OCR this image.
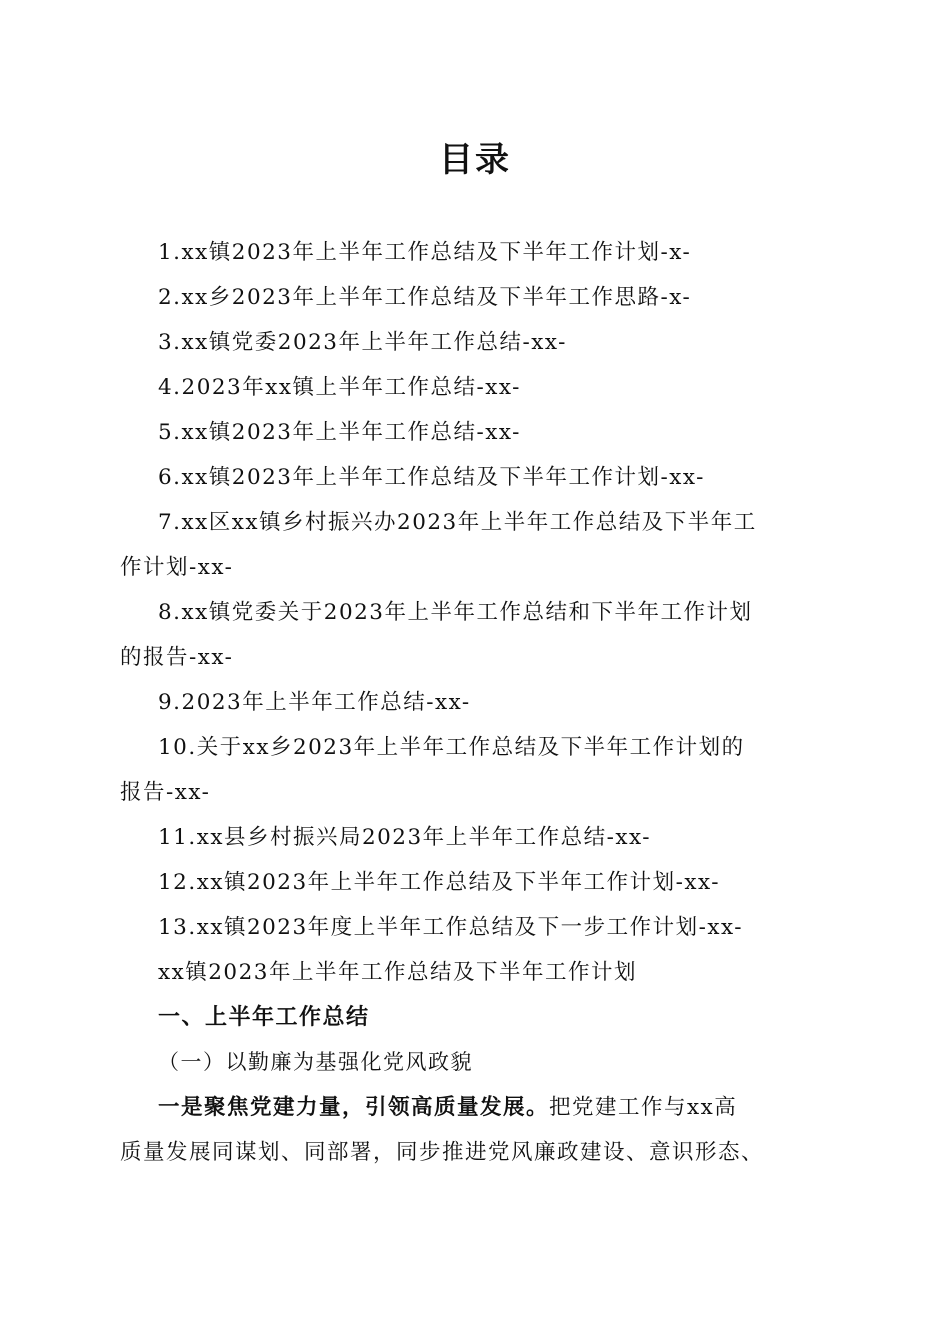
目录

1.xx镇2023年上半年工作总结及下半年工作计划-x-

2.xx乡2023年上半年工作总结及下半年工作思路-x-

3.xx镇党委2023年上半年工作总结-xx-

4.2023年xx镇上半年工作总结-xx-

5.xx镇2023年上半年工作总结-xx-

6.xx镇2023年上半年工作总结及下半年工作计划-xx-

7.xx区xx镇乡村振兴办2023年上半年工作总结及下半年工

作计划-xx-

8.xx镇党委关于2023年上半年工作总结和下半年工作计划

的报告-xx-

9.2023年上半年工作总结-xx-

10.关于xx乡2023年上半年工作总结及下半年工作计划的

报告-xx-

11.xx县乡村振兴局2023年上半年工作总结-xx-

12.xx镇2023年上半年工作总结及下半年工作计划-xx-

13.xx镇2023年度上半年工作总结及下一步工作计划-xx-

xx镇2023年上半年工作总结及下半年工作计划

一、上半年工作总结

（一）以勤廉为基强化党风政貌

一是聚焦党建力量，引领高质量发展。把党建工作与xx高

质量发展同谋划、同部署，同步推进党风廉政建设、意识形态、
